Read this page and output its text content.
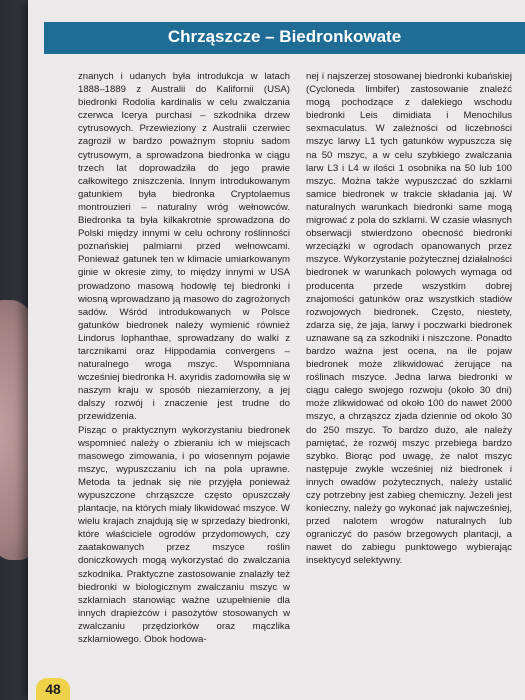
Chrząszcze – Biedronkowate

znanych i udanych była introdukcja w latach 1888–1889 z Australii do Kalifornii (USA) biedronki Rodolia kardinalis w celu zwalczania czerwca Icerya purchasi – szkodnika drzew cytrusowych. Przewieziony z Australii czerwiec zagroził w bardzo poważnym stopniu sadom cytrusowym, a sprowadzona biedronka w ciągu trzech lat doprowadziła do jego prawie całkowitego zniszczenia. Innym introdukowanym gatunkiem była biedronka Cryptolaemus montrouzieri – naturalny wróg wełnowców. Biedronka ta była kilkakrotnie sprowadzona do Polski między innymi w celu ochrony roślinności poznańskiej palmiarni przed wełnowcami. Ponieważ gatunek ten w klimacie umiarkowanym ginie w okresie zimy, to między innymi w USA prowadzono masową hodowlę tej biedronki i wiosną wprowadzano ją masowo do zagrożonych sadów. Wśród introdukowanych w Polsce gatunków biedronek należy wymienić również Lindorus lophanthae, sprowadzany do walki z tarcznikami oraz Hippodamia convergens – naturalnego wroga mszyc. Wspomniana wcześniej biedronka H. axyridis zadomowiła się w naszym kraju w sposób niezamierzony, a jej dalszy rozwój i znaczenie jest trudne do przewidzenia.

Pisząc o praktycznym wykorzystaniu biedronek wspomnieć należy o zbieraniu ich w miejscach masowego zimowania, i po wiosennym pojawie mszyc, wypuszczaniu ich na pola uprawne. Metoda ta jednak się nie przyjęła ponieważ wypuszczone chrząszcze często opuszczały plantacje, na których miały likwidować mszyce. W wielu krajach znajdują się w sprzedaży biedronki, które właściciele ogrodów przydomowych, czy zaatakowanych przez mszyce roślin doniczkowych mogą wykorzystać do zwalczania szkodnika. Praktyczne zastosowanie znalazły też biedronki w biologicznym zwalczaniu mszyc w szklarniach stanowiąc ważne uzupełnienie dla innych drapieżców i pasożytów stosowanych w zwalczaniu przędziorków oraz mączlika szklarniowego. Obok hodowa-

nej i najszerzej stosowanej biedronki kubańskiej (Cycloneda limbifer) zastosowanie znaleźć mogą pochodzące z dalekiego wschodu biedronki Leis dimidiata i Menochilus sexmaculatus. W zależności od liczebności mszyc larwy L1 tych gatunków wypuszcza się na 50 mszyc, a w celu szybkiego zwalczania larw L3 i L4 w ilości 1 osobnika na 50 lub 100 mszyc. Można także wypuszczać do szklarni samice biedronek w trakcie składania jaj. W naturalnych warunkach biedronki same mogą migrować z pola do szklarni. W czasie własnych obserwacji stwierdzono obecność biedronki wrzeciążki w ogrodach opanowanych przez mszyce. Wykorzystanie pożytecznej działalności biedronek w warunkach polowych wymaga od producenta przede wszystkim dobrej znajomości gatunków oraz wszystkich stadiów rozwojowych biedronek. Często, niestety, zdarza się, że jaja, larwy i poczwarki biedronek uznawane są za szkodniki i niszczone. Ponadto bardzo ważna jest ocena, na ile pojaw biedronek może zlikwidować żerujące na roślinach mszyce. Jedna larwa biedronki w ciągu całego swojego rozwoju (około 30 dni) może zlikwidować od około 100 do nawet 2000 mszyc, a chrząszcz zjada dziennie od około 30 do 250 mszyc. To bardzo dużo, ale należy pamiętać, że rozwój mszyc przebiega bardzo szybko. Biorąc pod uwagę, że nalot mszyc następuje zwykle wcześniej niż biedronek i innych owadów pożytecznych, należy ustalić czy potrzebny jest zabieg chemiczny. Jeżeli jest konieczny, należy go wykonać jak najwcześniej, przed nalotem wrogów naturalnych lub ograniczyć do pasów brzegowych plantacji, a nawet do zabiegu punktowego wybierając insektycyd selektywny.

48
